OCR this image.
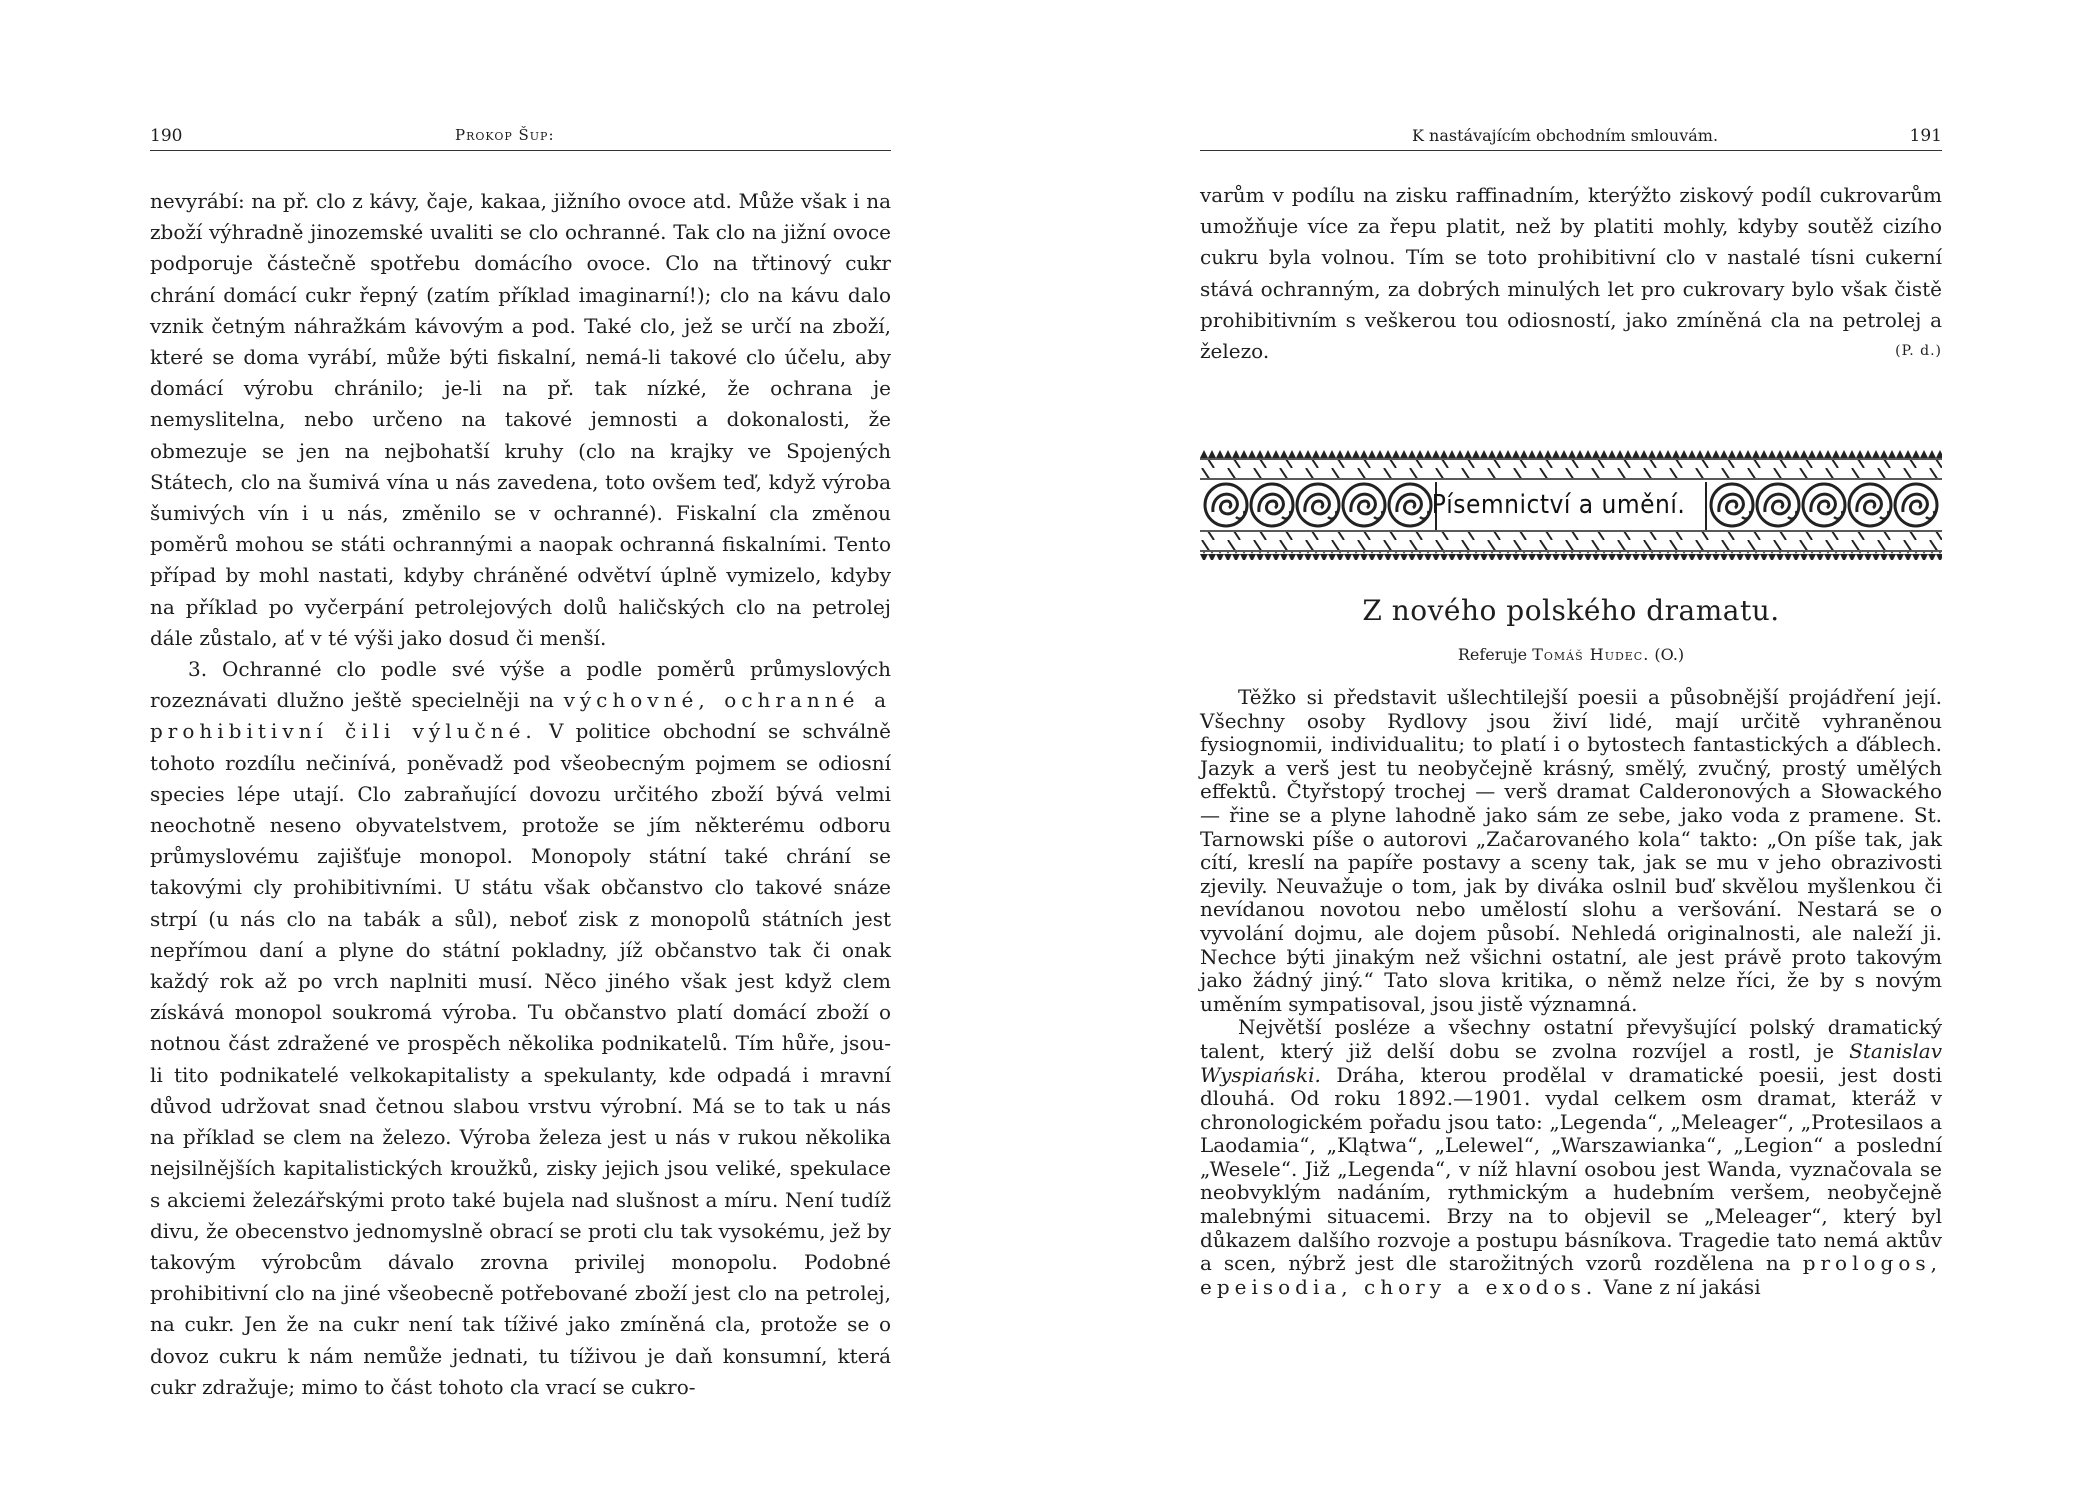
190	Prokop Šup:

nevyrábí: na př. clo z kávy, čaje, kakaa, jižního ovoce atd. Může však i na zboží výhradně jinozemské uvaliti se clo ochranné. Tak clo na jižní ovoce podporuje částečně spotřebu domácího ovoce. Clo na třtinový cukr chrání domácí cukr řepný (zatím příklad imaginarní!); clo na kávu dalo vznik četným náhražkám kávovým a pod. Také clo, jež se určí na zboží, které se doma vyrábí, může býti fiskalní, nemá-li takové clo účelu, aby domácí výrobu chránilo; je-li na př. tak nízké, že ochrana je nemyslitelna, nebo určeno na takové jemnosti a dokonalosti, že obmezuje se jen na nejbohatší kruhy (clo na krajky ve Spojených Státech, clo na šumivá vína u nás zavedena, toto ovšem teď, když výroba šumivých vín i u nás, změnilo se v ochranné). Fiskalní cla změnou poměrů mohou se státi ochrannými a naopak ochranná fiskalními. Tento případ by mohl nastati, kdyby chráněné odvětví úplně vymizelo, kdyby na příklad po vyčerpání petrolejových dolů haličských clo na petrolej dále zůstalo, ať v té výši jako dosud či menší.

3. Ochranné clo podle své výše a podle poměrů průmyslových rozeznávati dlužno ještě specielněji na výchovné, ochranné a prohibitivní čili výlučné. V politice obchodní se schválně tohoto rozdílu nečinívá, poněvadž pod všeobecným pojmem se odiosní species lépe utají. Clo zabraňující dovozu určitého zboží bývá velmi neochotně neseno obyvatelstvem, protože se jím některému odboru průmyslovému zajišťuje monopol. Monopoly státní také chrání se takovými cly prohibitivními. U státu však občanstvo clo takové snáze strpí (u nás clo na tabák a sůl), neboť zisk z monopolů státních jest nepřímou daní a plyne do státní pokladny, jíž občanstvo tak či onak každý rok až po vrch naplniti musí. Něco jiného však jest když clem získává monopol soukromá výroba. Tu občanstvo platí domácí zboží o notnou část zdražené ve prospěch několika podnikatelů. Tím hůře, jsou-li tito podnikatelé velkokapitalisty a spekulanty, kde odpadá i mravní důvod udržovat snad četnou slabou vrstvu výrobní. Má se to tak u nás na příklad se clem na železo. Výroba železa jest u nás v rukou několika nejsilnějších kapitalistických kroužků, zisky jejich jsou veliké, spekulace s akciemi železářskými proto také bujela nad slušnost a míru. Není tudíž divu, že obecenstvo jednomyslně obrací se proti clu tak vysokému, jež by takovým výrobcům dávalo zrovna privilej monopolu. Podobné prohibitivní clo na jiné všeobecně potřebované zboží jest clo na petrolej, na cukr. Jen že na cukr není tak tíživé jako zmíněná cla, protože se o dovoz cukru k nám nemůže jednati, tu tíživou je daň konsumní, která cukr zdražuje; mimo to část tohoto cla vrací se cukro-

K nastávajícím obchodním smlouvám.	191

varům v podílu na zisku raffinadním, kterýžto ziskový podíl cukrovarům umožňuje více za řepu platit, než by platiti mohly, kdyby soutěž cizího cukru byla volnou. Tím se toto prohibitivní clo v nastalé tísni cukerní stává ochranným, za dobrých minulých let pro cukrovary bylo však čistě prohibitivním s veškerou tou odiosností, jako zmíněná cla na petrolej a železo.	(P. d.)

Písemnictví a umění.
Z nového polského dramatu.
Referuje Tomáš Hudec. (O.)

Těžko si představit ušlechtilejší poesii a působnější projádření její. Všechny osoby Rydlovy jsou živí lidé, mají určitě vyhraněnou fysiognomii, individualitu; to platí i o bytostech fantastických a ďáblech. Jazyk a verš jest tu neobyčejně krásný, smělý, zvučný, prostý umělých effektů. Čtyřstopý trochej — verš dramat Calderonových a Słowackého — řine se a plyne lahodně jako sám ze sebe, jako voda z pramene. St. Tarnowski píše o autorovi „Začarovaného kola“ takto: „On píše tak, jak cítí, kreslí na papíře postavy a sceny tak, jak se mu v jeho obrazivosti zjevily. Neuvažuje o tom, jak by diváka oslnil buď skvělou myšlenkou či nevídanou novotou nebo umělostí slohu a veršování. Nestará se o vyvolání dojmu, ale dojem působí. Nehledá originalnosti, ale naleží ji. Nechce býti jinakým než všichni ostatní, ale jest právě proto takovým jako žádný jiný.“ Tato slova kritika, o němž nelze říci, že by s novým uměním sympatisoval, jsou jistě významná.

Největší posléze a všechny ostatní převyšující polský dramatický talent, který již delší dobu se zvolna rozvíjel a rostl, je Stanislav Wyspiański. Dráha, kterou prodělal v dramatické poesii, jest dosti dlouhá. Od roku 1892.—1901. vydal celkem osm dramat, kteráž v chronologickém pořadu jsou tato: „Legenda“, „Meleager“, „Protesilaos a Laodamia“, „Klątwa“, „Lelewel“, „Warszawianka“, „Legion“ a poslední „Wesele“. Již „Legenda“, v níž hlavní osobou jest Wanda, vyznačovala se neobvyklým nadáním, rythmickým a hudebním veršem, neobyčejně malebnými situacemi. Brzy na to objevil se „Meleager“, který byl důkazem dalšího rozvoje a postupu básníkova. Tragedie tato nemá aktův a scen, nýbrž jest dle starožitných vzorů rozdělena na prologos, epeisodia, chory a exodos. Vane z ní jakási
